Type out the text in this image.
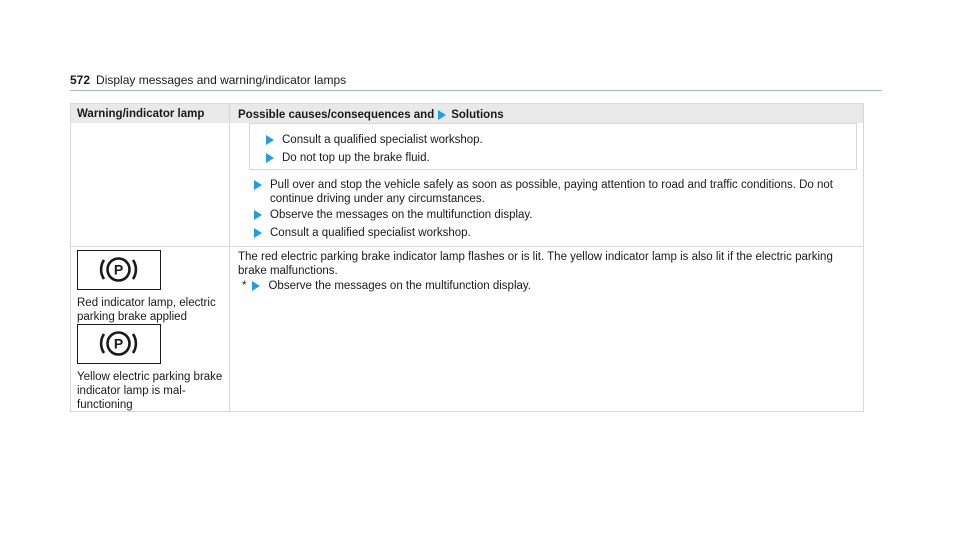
572 Display messages and warning/indicator lamps
Warning/indicator lamp	Possible causes/consequences and Solutions
Consult a qualified specialist workshop.
Do not top up the brake fluid.
Pull over and stop the vehicle safely as soon as possible, paying attention to road and traffic conditions. Do not continue driving under any circumstances.
Observe the messages on the multifunction display.
Consult a qualified specialist workshop.
P
Red indicator lamp, electric parking brake applied
P
Yellow electric parking brake indicator lamp is mal-functioning
The red electric parking brake indicator lamp flashes or is lit. The yellow indicator lamp is also lit if the electric parking brake malfunctions.
* Observe the messages on the multifunction display.
